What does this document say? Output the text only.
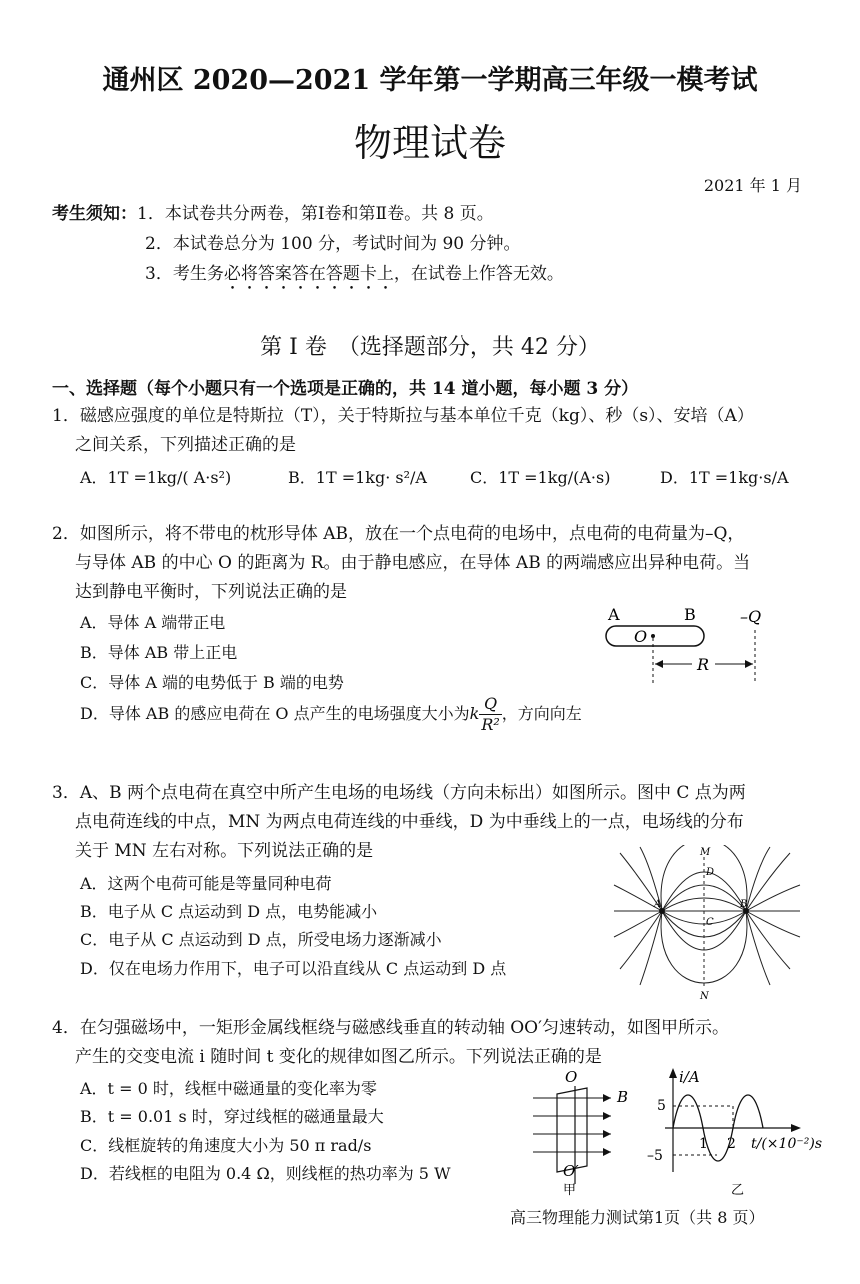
通州区 2020—2021 学年第一学期高三年级一模考试
物理试卷
2021 年 1 月
考生须知：1．本试卷共分两卷，第Ⅰ卷和第Ⅱ卷。共 8 页。
2．本试卷总分为 100 分，考试时间为 90 分钟。
3．考生务必将答案答在答题卡上，在试卷上作答无效。
第 Ⅰ 卷　（选择题部分，共 42 分）
一、选择题（每个小题只有一个选项是正确的，共 14 道小题，每小题 3 分）
1．磁感应强度的单位是特斯拉（T），关于特斯拉与基本单位千克（kg）、秒（s）、安培（A）
之间关系，下列描述正确的是
A．1T =1kg/( A·s²)	B．1T =1kg· s²/A	C．1T =1kg/(A·s)	D．1T =1kg·s/A
2．如图所示，将不带电的枕形导体 AB，放在一个点电荷的电场中，点电荷的电荷量为–Q，
与导体 AB 的中心 O 的距离为 R。由于静电感应，在导体 AB 的两端感应出异种电荷。当
达到静电平衡时，下列说法正确的是
A．导体 A 端带正电
B．导体 AB 带上正电
C．导体 A 端的电势低于 B 端的电势
D．导体 AB 的感应电荷在 O 点产生的电场强度大小为k $\frac{Q}{\text{R²}}$ ，方向向左
A	B	–Q
O
R
3．A、B 两个点电荷在真空中所产生电场的电场线（方向未标出）如图所示。图中 C 点为两
点电荷连线的中点，MN 为两点电荷连线的中垂线，D 为中垂线上的一点，电场线的分布
关于 MN 左右对称。下列说法正确的是
A．这两个电荷可能是等量同种电荷
B．电子从 C 点运动到 D 点，电势能减小
C．电子从 C 点运动到 D 点，所受电场力逐渐减小
D．仅在电场力作用下，电子可以沿直线从 C 点运动到 D 点
M
D
C
A	B
N
4．在匀强磁场中，一矩形金属线框绕与磁感线垂直的转动轴 OO′匀速转动，如图甲所示。
产生的交变电流 i 随时间 t 变化的规律如图乙所示。下列说法正确的是
A．t = 0 时，线框中磁通量的变化率为零
B．t = 0.01 s 时，穿过线框的磁通量最大
C．线框旋转的角速度大小为 50 π rad/s
D．若线框的电阻为 0.4 Ω，则线框的热功率为 5 W
O
B
O′
甲
i/A
5
–5
1 2 t/(×10⁻²)s
乙
高三物理能力测试第1页（共 8 页）
